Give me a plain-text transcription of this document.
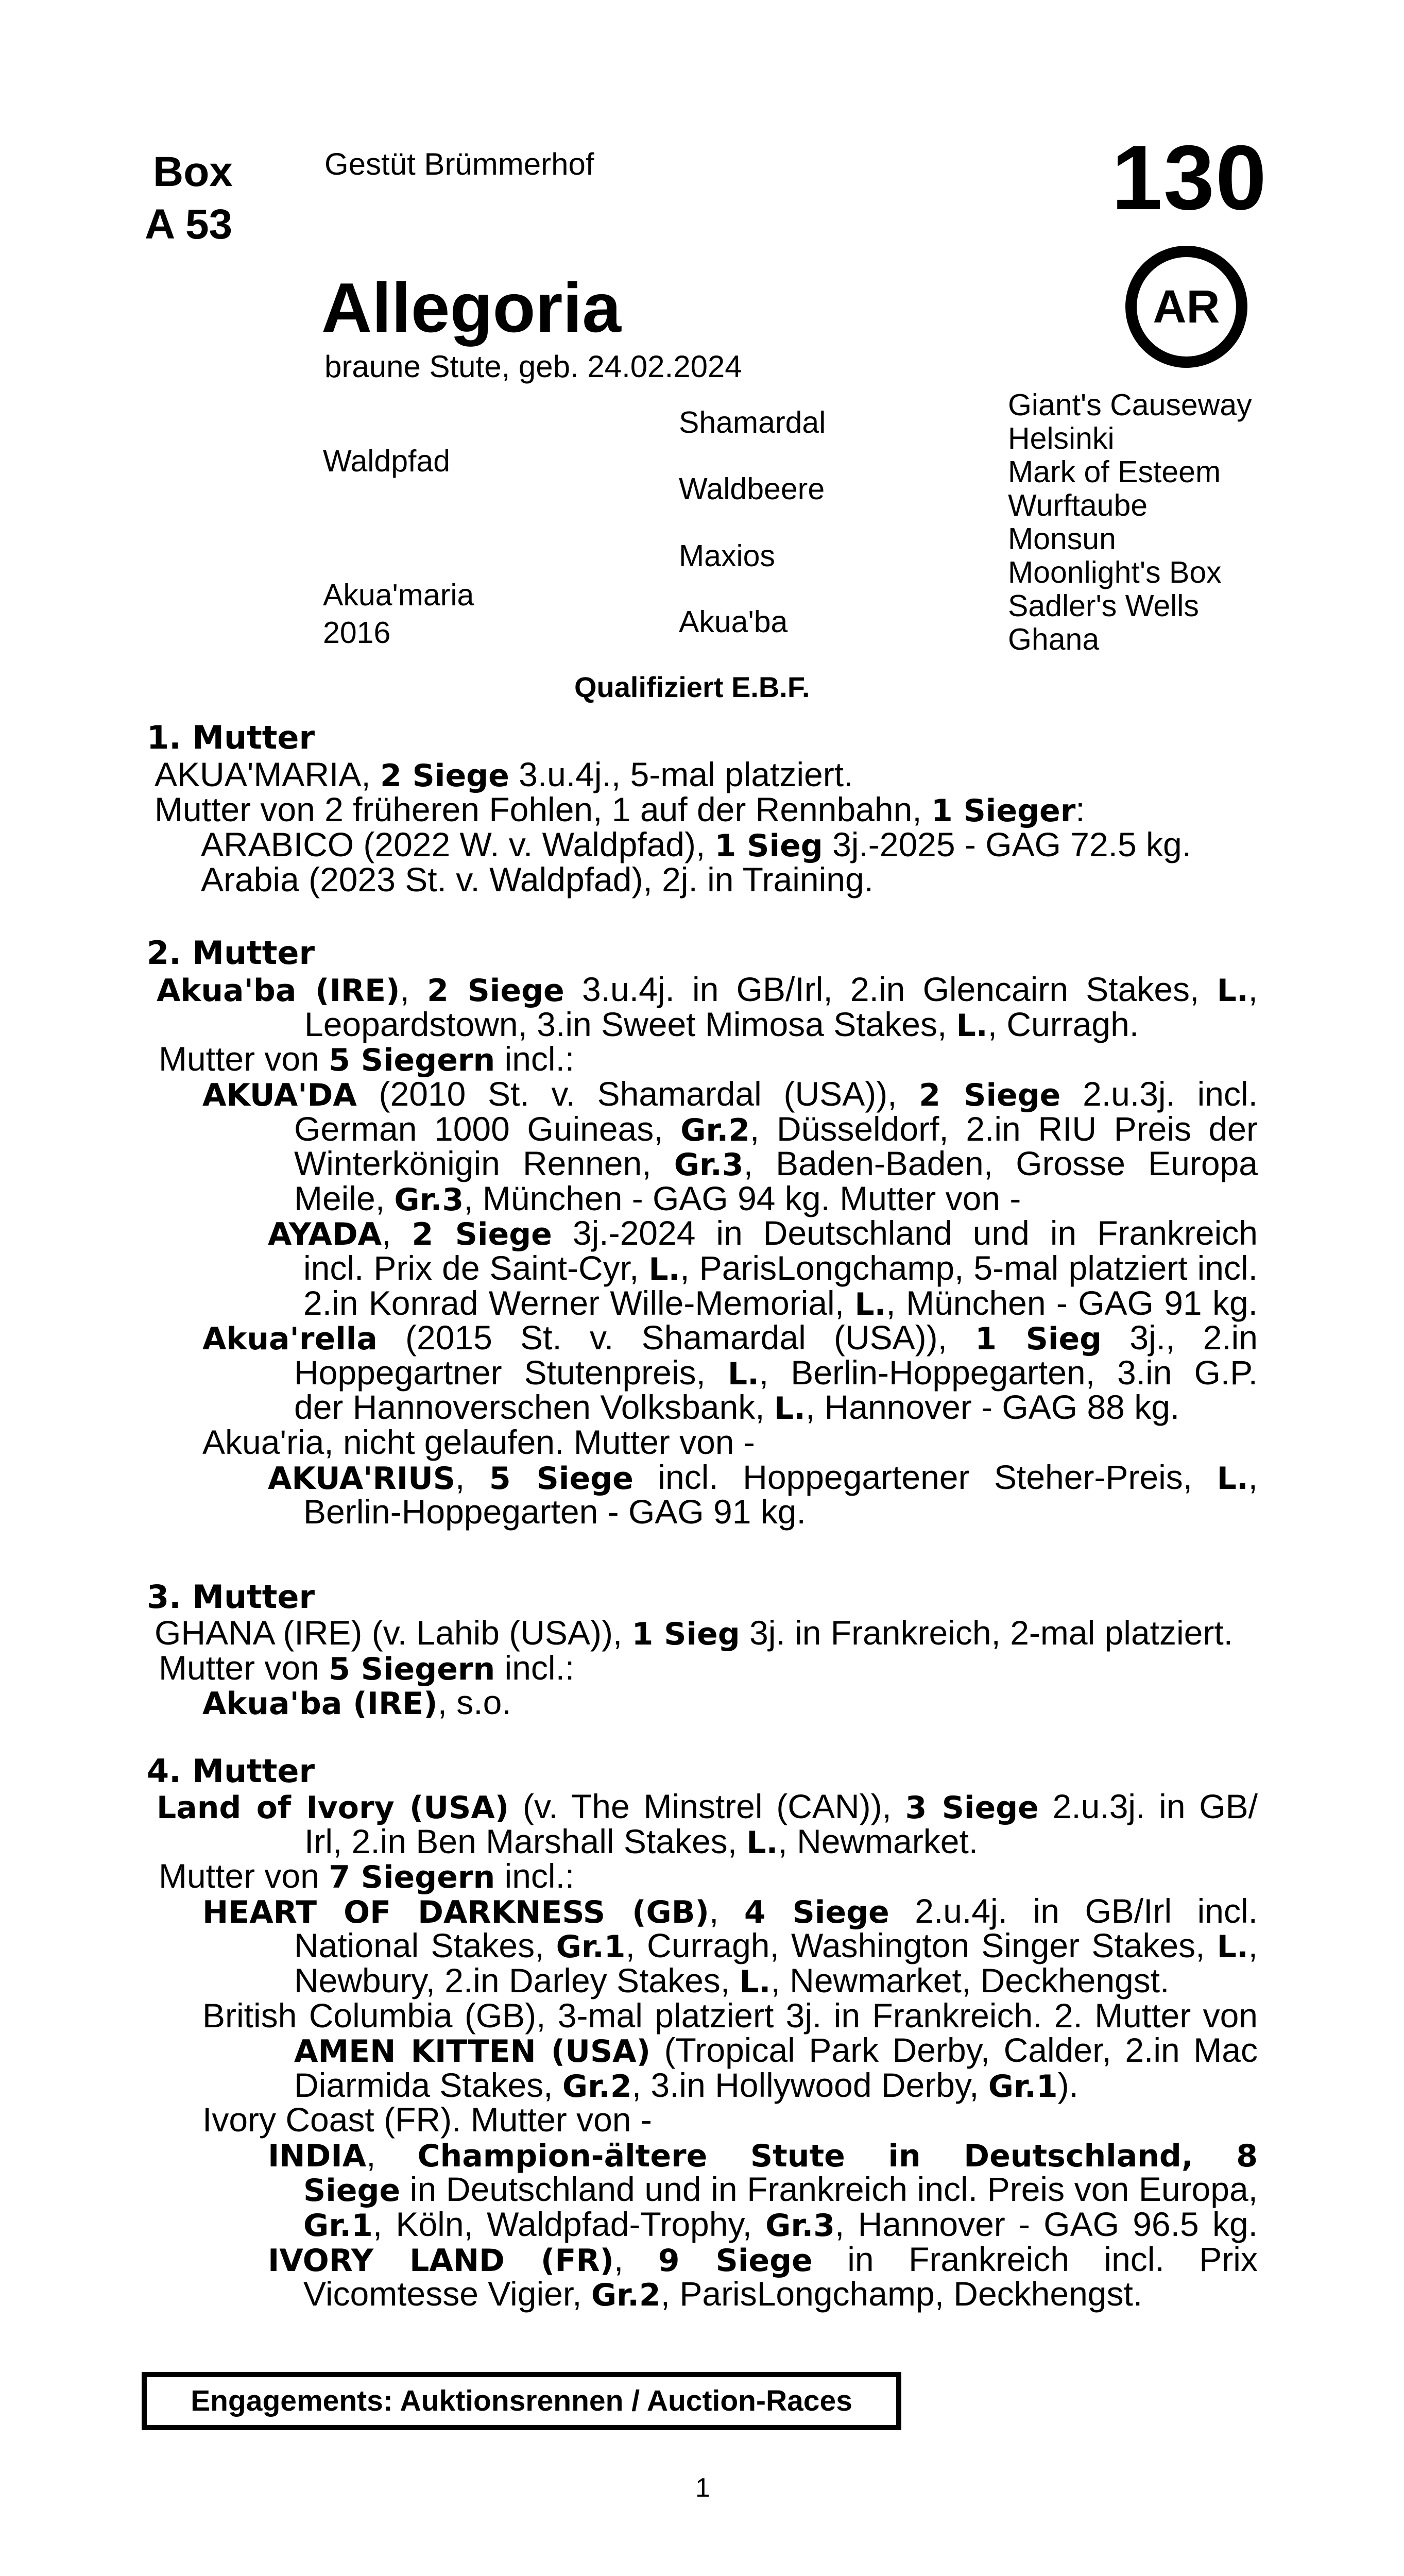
Box
A 53
Gestüt Brümmerhof	130
AR
Allegoria
braune Stute, geb. 24.02.2024
Waldpfad
Akua'maria
2016
Shamardal
Waldbeere
Maxios
Akua'ba
Giant's Causeway
Helsinki
Mark of Esteem
Wurftaube
Monsun
Moonlight's Box
Sadler's Wells
Ghana
Qualifiziert E.B.F.
1. Mutter
AKUA'MARIA, 2 Siege 3.u.4j., 5-mal platziert.
Mutter von 2 früheren Fohlen, 1 auf der Rennbahn, 1 Sieger:
ARABICO (2022 W. v. Waldpfad), 1 Sieg 3j.-2025 - GAG 72.5 kg.
Arabia (2023 St. v. Waldpfad), 2j. in Training.
2. Mutter
Akua'ba (IRE), 2 Siege 3.u.4j. in GB/Irl, 2.in Glencairn Stakes, L.,
Leopardstown, 3.in Sweet Mimosa Stakes, L., Curragh.
Mutter von 5 Siegern incl.:
AKUA'DA (2010 St. v. Shamardal (USA)), 2 Siege 2.u.3j. incl.
German 1000 Guineas, Gr.2, Düsseldorf, 2.in RIU Preis der
Winterkönigin Rennen, Gr.3, Baden-Baden, Grosse Europa
Meile, Gr.3, München - GAG 94 kg. Mutter von -
AYADA, 2 Siege 3j.-2024 in Deutschland und in Frankreich
incl. Prix de Saint-Cyr, L., ParisLongchamp, 5-mal platziert incl.
2.in Konrad Werner Wille-Memorial, L., München - GAG 91 kg.
Akua'rella (2015 St. v. Shamardal (USA)), 1 Sieg 3j., 2.in
Hoppegartner Stutenpreis, L., Berlin-Hoppegarten, 3.in G.P.
der Hannoverschen Volksbank, L., Hannover - GAG 88 kg.
Akua'ria, nicht gelaufen. Mutter von -
AKUA'RIUS, 5 Siege incl. Hoppegartener Steher-Preis, L.,
Berlin-Hoppegarten - GAG 91 kg.
3. Mutter
GHANA (IRE) (v. Lahib (USA)), 1 Sieg 3j. in Frankreich, 2-mal platziert.
Mutter von 5 Siegern incl.:
Akua'ba (IRE), s.o.
4. Mutter
Land of Ivory (USA) (v. The Minstrel (CAN)), 3 Siege 2.u.3j. in GB/
Irl, 2.in Ben Marshall Stakes, L., Newmarket.
Mutter von 7 Siegern incl.:
HEART OF DARKNESS (GB), 4 Siege 2.u.4j. in GB/Irl incl.
National Stakes, Gr.1, Curragh, Washington Singer Stakes, L.,
Newbury, 2.in Darley Stakes, L., Newmarket, Deckhengst.
British Columbia (GB), 3-mal platziert 3j. in Frankreich. 2. Mutter von
AMEN KITTEN (USA) (Tropical Park Derby, Calder, 2.in Mac
Diarmida Stakes, Gr.2, 3.in Hollywood Derby, Gr.1).
Ivory Coast (FR). Mutter von -
INDIA, Champion-ältere Stute in Deutschland, 8
Siege in Deutschland und in Frankreich incl. Preis von Europa,
Gr.1, Köln, Waldpfad-Trophy, Gr.3, Hannover - GAG 96.5 kg.
IVORY LAND (FR), 9 Siege in Frankreich incl. Prix
Vicomtesse Vigier, Gr.2, ParisLongchamp, Deckhengst.
Engagements: Auktionsrennen / Auction-Races
1
